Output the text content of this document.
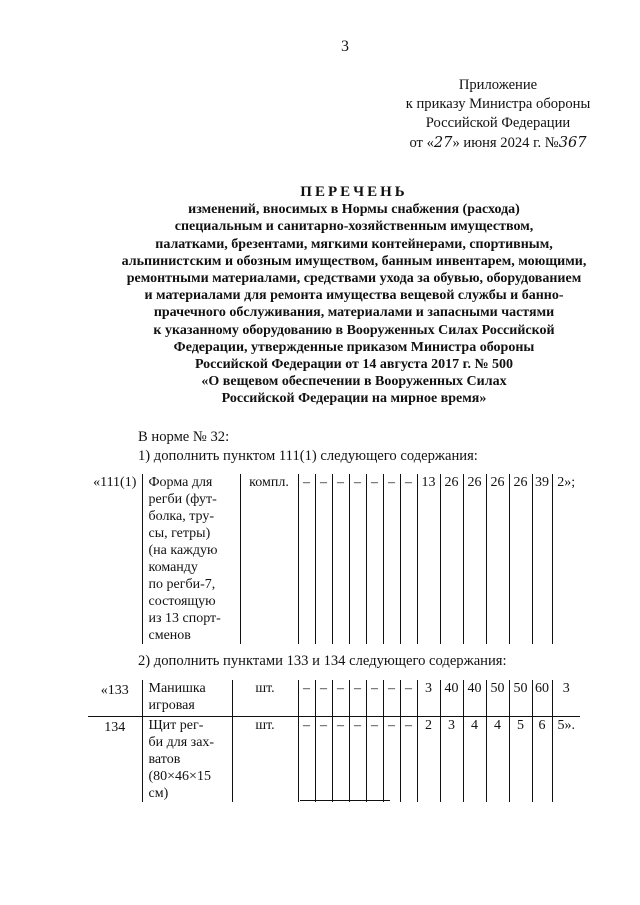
3
Приложение
к приказу Министра обороны
Российской Федерации
от «27» июня 2024 г. №367
ПЕРЕЧЕНЬ
изменений, вносимых в Нормы снабжения (расхода)
специальным и санитарно-хозяйственным имуществом,
палатками, брезентами, мягкими контейнерами, спортивным,
альпинистским и обозным имуществом, банным инвентарем, моющими,
ремонтными материалами, средствами ухода за обувью, оборудованием
и материалами для ремонта имущества вещевой службы и банно-
прачечного обслуживания, материалами и запасными частями
к указанному оборудованию в Вооруженных Силах Российской
Федерации, утвержденные приказом Министра обороны
Российской Федерации от 14 августа 2017 г. № 500
«О вещевом обеспечении в Вооруженных Силах
Российской Федерации на мирное время»
В норме № 32:
1) дополнить пунктом 111(1) следующего содержания:
«111(1)	Форма для
регби (фут-
болка, тру-
сы, гетры)
(на каждую
команду
по регби-7,
состоящую
из 13 спорт-
сменов
	компл.	–	–	–	–	–	–	–	13	26	26	26	26	39	2»;
2) дополнить пунктами 133 и 134 следующего содержания:
«133	Манишка
игровая	шт.	–	–	–	–	–	–	–	3	40	40	50	50	60	3
134	Щит рег-
би для зах-
ватов
(80×46×15 см)	шт.	–	–	–	–	–	–	–	2	3	4	4	5	6	5».
